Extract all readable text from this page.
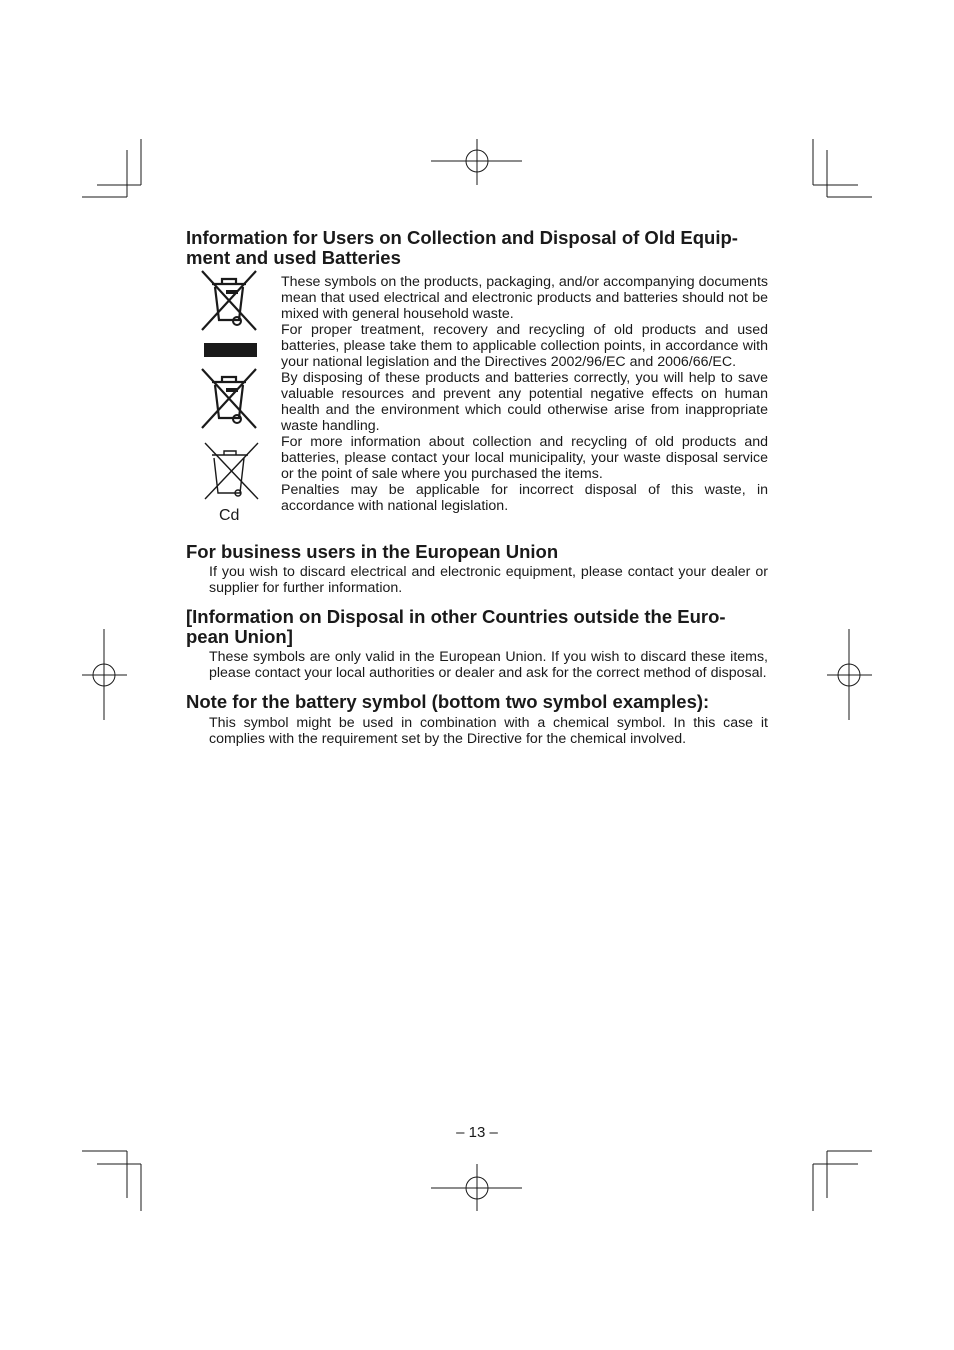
Information for Users on Collection and Disposal of Old Equip-ment and used Batteries
Cd

These symbols on the products, packaging, and/or accompanying documents mean that used electrical and electronic products and batteries should not be mixed with general household waste.

For proper treatment, recovery and recycling of old products and used batteries, please take them to applicable collection points, in accordance with your national legislation and the Directives 2002/96/EC and 2006/66/EC.

By disposing of these products and batteries correctly, you will help to save valuable resources and prevent any potential negative effects on human health and the environment which could otherwise arise from inappropriate waste handling.

For more information about collection and recycling of old products and batteries, please contact your local municipality, your waste disposal service or the point of sale where you purchased the items.

Penalties may be applicable for incorrect disposal of this waste, in accordance with national legislation.

For business users in the European Union

If you wish to discard electrical and electronic equipment, please contact your dealer or supplier for further information.

[Information on Disposal in other Countries outside the Euro-pean Union]

These symbols are only valid in the European Union. If you wish to discard these items, please contact your local authorities or dealer and ask for the correct method of disposal.

Note for the battery symbol (bottom two symbol examples):

This symbol might be used in combination with a chemical symbol. In this case it complies with the requirement set by the Directive for the chemical involved.

– 13 –
